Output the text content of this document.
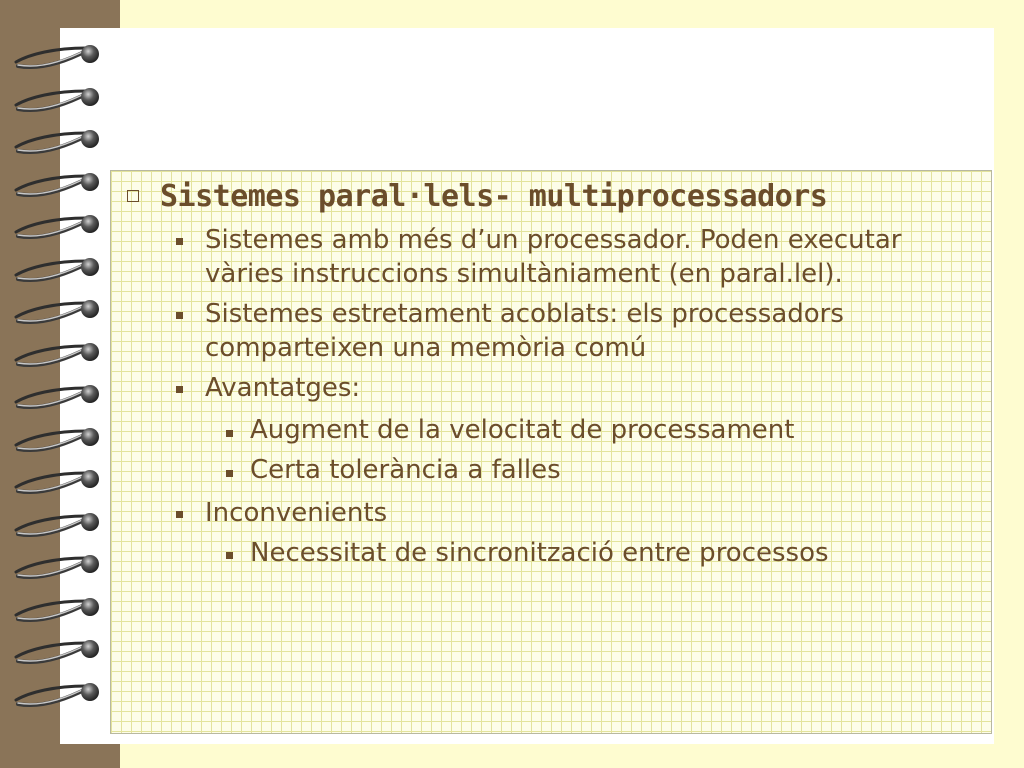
Sistemes paral·lels- multiprocessadors
Sistemes amb més d’un processador. Poden executar
vàries instruccions simultàniament (en paral.lel).
Sistemes estretament acoblats: els processadors
comparteixen una memòria comú
Avantatges:
Augment de la velocitat de processament
Certa tolerància a falles
Inconvenients
Necessitat de sincronització entre processos
